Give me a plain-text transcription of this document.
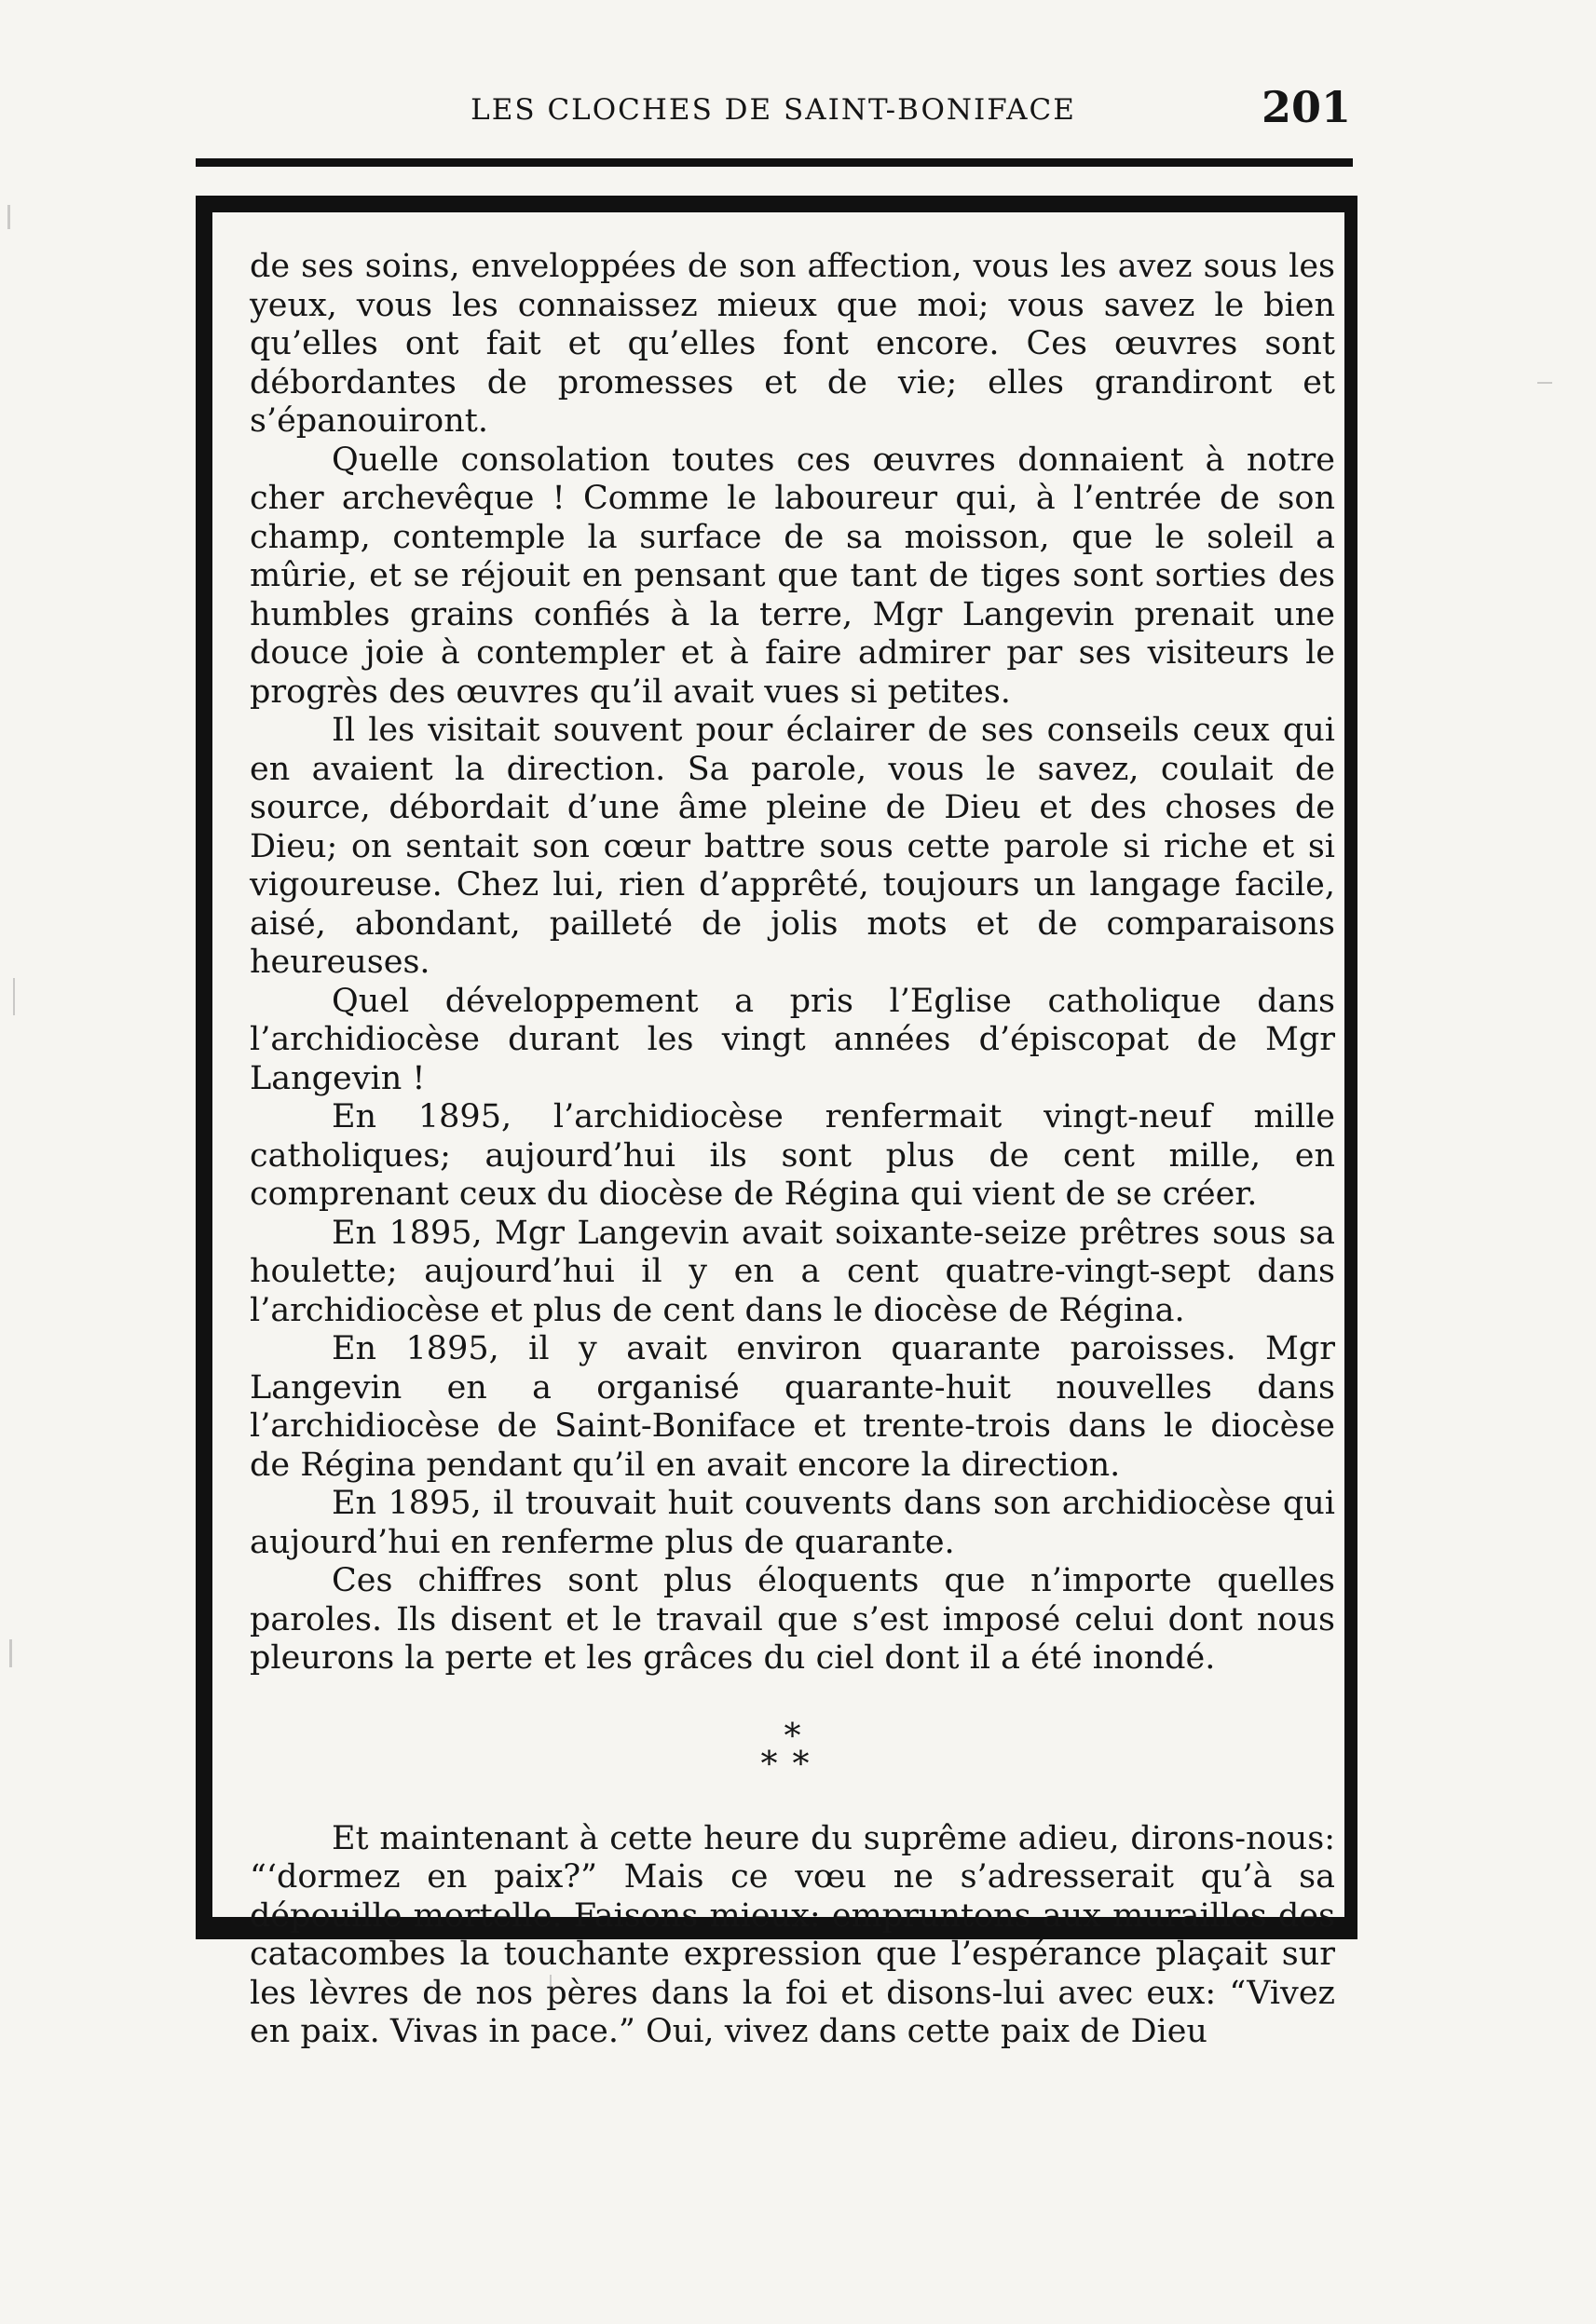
LES CLOCHES DE SAINT-BONIFACE	201

de ses soins, enveloppées de son affection, vous les avez sous les yeux, vous les connaissez mieux que moi; vous savez le bien qu’elles ont fait et qu’elles font encore. Ces œuvres sont débordantes de promesses et de vie; elles grandiront et s’épanouiront.

Quelle consolation toutes ces œuvres donnaient à notre cher archevêque ! Comme le laboureur qui, à l’entrée de son champ, contemple la surface de sa moisson, que le soleil a mûrie, et se réjouit en pensant que tant de tiges sont sorties des humbles grains confiés à la terre, Mgr Langevin prenait une douce joie à contempler et à faire admirer par ses visiteurs le progrès des œuvres qu’il avait vues si petites.

Il les visitait souvent pour éclairer de ses conseils ceux qui en avaient la direction. Sa parole, vous le savez, coulait de source, débordait d’une âme pleine de Dieu et des choses de Dieu; on sentait son cœur battre sous cette parole si riche et si vigoureuse. Chez lui, rien d’apprêté, toujours un langage facile, aisé, abondant, pailleté de jolis mots et de comparaisons heureuses.

Quel développement a pris l’Eglise catholique dans l’archidiocèse durant les vingt années d’épiscopat de Mgr Langevin !

En 1895, l’archidiocèse renfermait vingt-neuf mille catholiques; aujourd’hui ils sont plus de cent mille, en comprenant ceux du diocèse de Régina qui vient de se créer.

En 1895, Mgr Langevin avait soixante-seize prêtres sous sa houlette; aujourd’hui il y en a cent quatre-vingt-sept dans l’archidiocèse et plus de cent dans le diocèse de Régina.

En 1895, il y avait environ quarante paroisses. Mgr Langevin en a organisé quarante-huit nouvelles dans l’archidiocèse de Saint-Boniface et trente-trois dans le diocèse de Régina pendant qu’il en avait encore la direction.

En 1895, il trouvait huit couvents dans son archidiocèse qui aujourd’hui en renferme plus de quarante.

Ces chiffres sont plus éloquents que n’importe quelles paroles. Ils disent et le travail que s’est imposé celui dont nous pleurons la perte et les grâces du ciel dont il a été inondé.

*
**

Et maintenant à cette heure du suprême adieu, dirons-nous: “‘dormez en paix?” Mais ce vœu ne s’adresserait qu’à sa dépouille mortelle. Faisons mieux: empruntons aux murailles des catacombes la touchante expression que l’espérance plaçait sur les lèvres de nos pères dans la foi et disons-lui avec eux: “Vivez en paix. Vivas in pace.” Oui, vivez dans cette paix de Dieu
